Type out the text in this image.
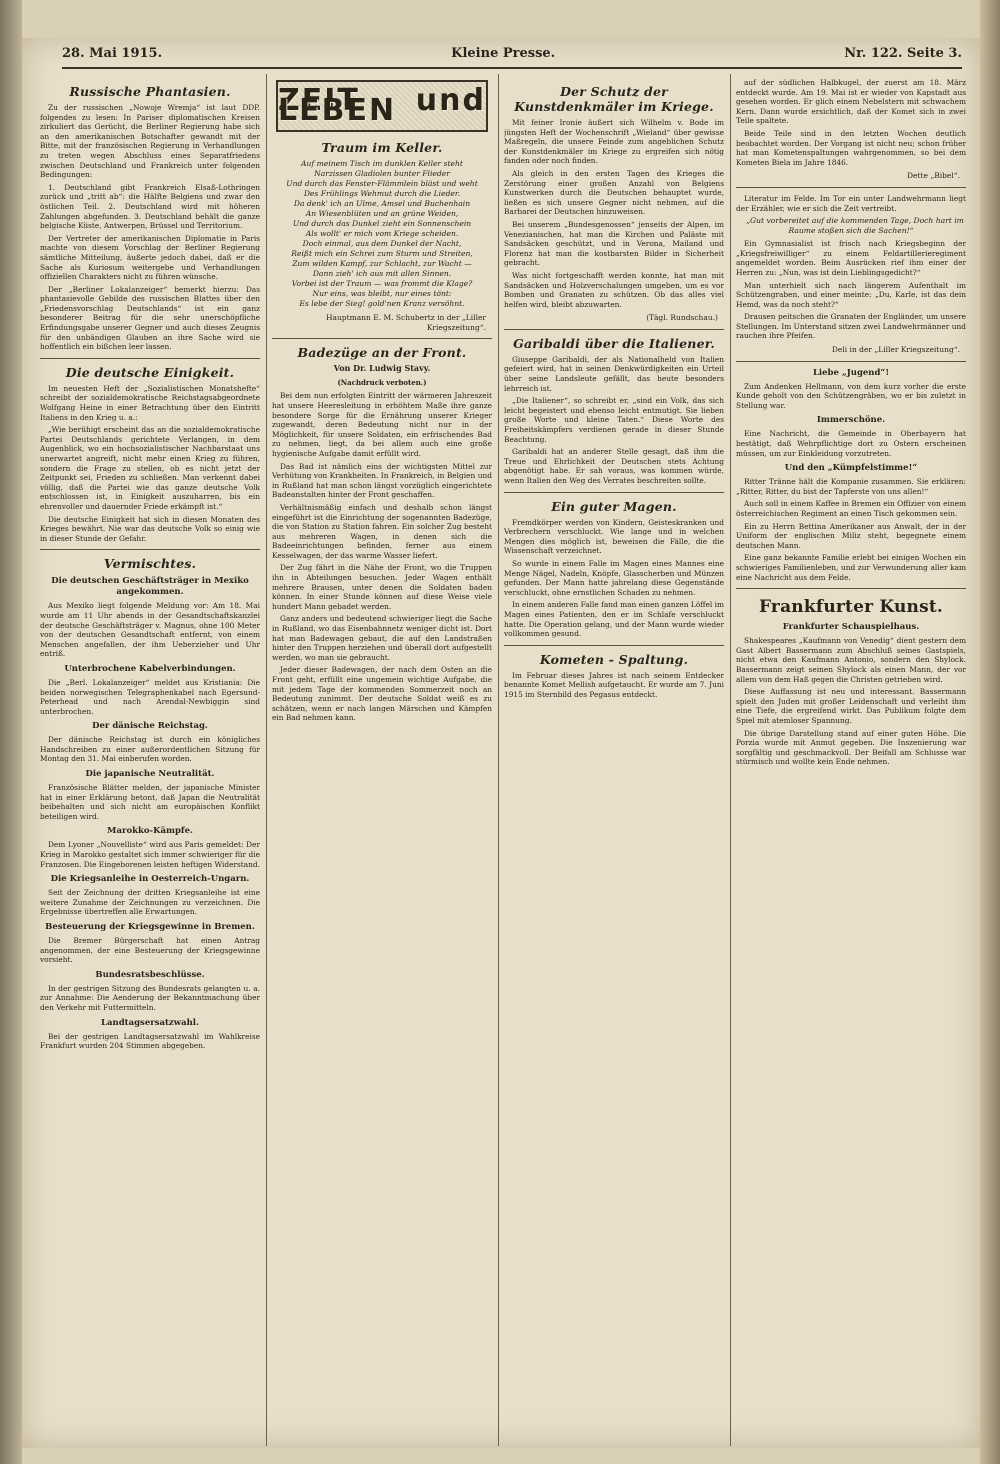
28. Mai 1915.	Kleine Presse.	Nr. 122. Seite 3.
Russische Phantasien.

Zu der russischen „Nowoje Wremja“ ist laut DDP. folgendes zu lesen: In Pariser diplomatischen Kreisen zirkuliert das Gerücht, die Berliner Regierung habe sich an den amerikanischen Botschafter gewandt mit der Bitte, mit der französischen Regierung in Verhandlungen zu treten wegen Abschluss eines Separatfriedens zwischen Deutschland und Frankreich unter folgenden Bedingungen:

1. Deutschland gibt Frankreich Elsaß-Lothringen zurück und „tritt ab“: die Hälfte Belgiens und zwar den östlichen Teil. 2. Deutschland wird mit höheren Zahlungen abgefunden. 3. Deutschland behält die ganze belgische Küste, Antwerpen, Brüssel und Territorium.

Der Vertreter der amerikanischen Diplomatie in Paris machte von diesem Vorschlag der Berliner Regierung sämtliche Mitteilung, äußerte jedoch dabei, daß er die Sache als Kuriosum weitergebe und Verhandlungen offiziellen Charakters nicht zu führen wünsche.

Der „Berliner Lokalanzeiger“ bemerkt hierzu: Das phantasievolle Gebilde des russischen Blattes über den „Friedensvorschlag Deutschlands“ ist ein ganz besonderer Beitrag für die sehr unerschöpfliche Erfindungsgabe unserer Gegner und auch dieses Zeugnis für den unbändigen Glauben an ihre Sache wird sie hoffentlich ein bißchen leer lassen.

Die deutsche Einigkeit.

Im neuesten Heft der „Sozialistischen Monatshefte“ schreibt der sozialdemokratische Reichstagsabgeordnete Wolfgang Heine in einer Betrachtung über den Eintritt Italiens in den Krieg u. a.:

„Wie berühigt erscheint das an die sozialdemokratische Partei Deutschlands gerichtete Verlangen, in dem Augenblick, wo ein hochsozialistischer Nachbarstaat uns unerwartet angreift, nicht mehr einen Krieg zu führen, sondern die Frage zu stellen, ob es nicht jetzt der Zeitpunkt sei, Frieden zu schließen. Man verkennt dabei völlig, daß die Partei wie das ganze deutsche Volk entschlossen ist, in Einigkeit auszuharren, bis ein ehrenvoller und dauernder Friede erkämpft ist.“

Die deutsche Einigkeit hat sich in diesen Monaten des Krieges bewährt. Nie war das deutsche Volk so einig wie in dieser Stunde der Gefahr.

Vermischtes.
Die deutschen Geschäftsträger in Mexiko angekommen.

Aus Mexiko liegt folgende Meldung vor: Am 18. Mai wurde am 11 Uhr abends in der Gesandtschaftskanzlei der deutsche Geschäftsträger v. Magnus, ohne 100 Meter von der deutschen Gesandtschaft entfernt, von einem Menschen angefallen, der ihm Ueberzieher und Uhr entriß.

Unterbrochene Kabelverbindungen.

Die „Berl. Lokalanzeiger“ meldet aus Kristiania: Die beiden norwegischen Telegraphenkabel nach Egersund-Peterhead und nach Arendal-Newbiggin sind unterbrochen.

Der dänische Reichstag.

Der dänische Reichstag ist durch ein königliches Handschreiben zu einer außerordentlichen Sitzung für Montag den 31. Mai einberufen worden.

Die japanische Neutralität.

Französische Blätter melden, der japanische Minister hat in einer Erklärung betont, daß Japan die Neutralität beibehalten und sich nicht am europäischen Konflikt beteiligen wird.

Marokko-Kämpfe.

Dem Lyoner „Nouvelliste“ wird aus Paris gemeldet: Der Krieg in Marokko gestaltet sich immer schwieriger für die Franzosen. Die Eingeborenen leisten heftigen Widerstand.

Die Kriegsanleihe in Oesterreich-Ungarn.

Seit der Zeichnung der dritten Kriegsanleihe ist eine weitere Zunahme der Zeichnungen zu verzeichnen. Die Ergebnisse übertreffen alle Erwartungen.

Besteuerung der Kriegsgewinne in Bremen.

Die Bremer Bürgerschaft hat einen Antrag angenommen, der eine Besteuerung der Kriegsgewinne vorsieht.

Bundesratsbeschlüsse.

In der gestrigen Sitzung des Bundesrats gelangten u. a. zur Annahme: Die Aenderung der Bekanntmachung über den Verkehr mit Futtermitteln.

Landtagsersatzwahl.

Bei der gestrigen Landtagsersatzwahl im Wahlkreise Frankfurt wurden 204 Stimmen abgegeben.

ZEIT und LEBEN
Traum im Keller.
Auf meinem Tisch im dunklen Keller steht
Narzissen Gladiolen bunter Flieder
Und durch das Fenster-Flämmlein bläst und weht
Des Frühlings Wehmut durch die Lieder.
Da denk' ich an Ulme, Amsel und Buchenhain
An Wiesenblüten und an grüne Weiden,
Und durch das Dunkel zieht ein Sonnenschein
Als wollt' er mich vom Kriege scheiden.
Doch einmal, aus dem Dunkel der Nacht,
Reißt mich ein Schrei zum Sturm und Streiten,
Zum wilden Kampf, zur Schlacht, zur Wacht —
Dann zieh' ich aus mit allen Sinnen.
Vorbei ist der Traum — was frommt die Klage?
Nur eins, was bleibt, nur eines tönt:
Es lebe der Sieg! gold'nen Kranz versöhnt.
Hauptmann E. M. Schubertz in der „Liller Kriegszeitung“.
Badezüge an der Front.
Von Dr. Ludwig Stavy.
(Nachdruck verboten.)

Bei dem nun erfolgten Eintritt der wärmeren Jahreszeit hat unsere Heeresleitung in erhöhtem Maße ihre ganze besondere Sorge für die Ernährung unserer Krieger zugewandt, deren Bedeutung nicht nur in der Möglichkeit, für unsere Soldaten, ein erfrischendes Bad zu nehmen, liegt, da bei allem auch eine große hygienische Aufgabe damit erfüllt wird.

Das Bad ist nämlich eins der wichtigsten Mittel zur Verhütung von Krankheiten. In Frankreich, in Belgien und in Rußland hat man schon längst vorzüglich eingerichtete Badeanstalten hinter der Front geschaffen.

Verhältnismäßig einfach und deshalb schon längst eingeführt ist die Einrichtung der sogenannten Badezüge, die von Station zu Station fahren. Ein solcher Zug besteht aus mehreren Wagen, in denen sich die Badeeinrichtungen befinden, ferner aus einem Kesselwagen, der das warme Wasser liefert.

Der Zug fährt in die Nähe der Front, wo die Truppen ihn in Abteilungen besuchen. Jeder Wagen enthält mehrere Brausen, unter denen die Soldaten baden können. In einer Stunde können auf diese Weise viele hundert Mann gebadet werden.

Ganz anders und bedeutend schwieriger liegt die Sache in Rußland, wo das Eisenbahnnetz weniger dicht ist. Dort hat man Badewagen gebaut, die auf den Landstraßen hinter den Truppen herziehen und überall dort aufgestellt werden, wo man sie gebraucht.

Jeder dieser Badewagen, der nach dem Osten an die Front geht, erfüllt eine ungemein wichtige Aufgabe, die mit jedem Tage der kommenden Sommerzeit noch an Bedeutung zunimmt. Der deutsche Soldat weiß es zu schätzen, wenn er nach langen Märschen und Kämpfen ein Bad nehmen kann.

Der Schutz der Kunstdenkmäler im Kriege.

Mit feiner Ironie äußert sich Wilhelm v. Bode im jüngsten Heft der Wochenschrift „Wieland“ über gewisse Maßregeln, die unsere Feinde zum angeblichen Schutz der Kunstdenkmäler im Kriege zu ergreifen sich nötig fanden oder noch finden.

Als gleich in den ersten Tagen des Krieges die Zerstörung einer großen Anzahl von Belgiens Kunstwerken durch die Deutschen behauptet wurde, ließen es sich unsere Gegner nicht nehmen, auf die Barbarei der Deutschen hinzuweisen.

Bei unserem „Bundesgenossen“ jenseits der Alpen, im Venezianischen, hat man die Kirchen und Paläste mit Sandsäcken geschützt, und in Verona, Mailand und Florenz hat man die kostbarsten Bilder in Sicherheit gebracht.

Was nicht fortgeschafft werden konnte, hat man mit Sandsäcken und Holzverschalungen umgeben, um es vor Bomben und Granaten zu schützen. Ob das alles viel helfen wird, bleibt abzuwarten.

(Tägl. Rundschau.)
Garibaldi über die Italiener.

Giuseppe Garibaldi, der als Nationalheld von Italien gefeiert wird, hat in seinen Denkwürdigkeiten ein Urteil über seine Landsleute gefällt, das heute besonders lehrreich ist.

„Die Italiener“, so schreibt er, „sind ein Volk, das sich leicht begeistert und ebenso leicht entmutigt. Sie lieben große Worte und kleine Taten.“ Diese Worte des Freiheitskämpfers verdienen gerade in dieser Stunde Beachtung.

Garibaldi hat an anderer Stelle gesagt, daß ihm die Treue und Ehrlichkeit der Deutschen stets Achtung abgenötigt habe. Er sah voraus, was kommen würde, wenn Italien den Weg des Verrates beschreiten sollte.

Ein guter Magen.

Fremdkörper werden von Kindern, Geisteskranken und Verbrechern verschluckt. Wie lange und in welchen Mengen dies möglich ist, beweisen die Fälle, die die Wissenschaft verzeichnet.

So wurde in einem Falle im Magen eines Mannes eine Menge Nägel, Nadeln, Knöpfe, Glasscherben und Münzen gefunden. Der Mann hatte jahrelang diese Gegenstände verschluckt, ohne ernstlichen Schaden zu nehmen.

In einem anderen Falle fand man einen ganzen Löffel im Magen eines Patienten, den er im Schlafe verschluckt hatte. Die Operation gelang, und der Mann wurde wieder vollkommen gesund.

Kometen - Spaltung.

Im Februar dieses Jahres ist nach seinem Entdecker benannte Komet Mellish aufgetaucht. Er wurde am 7. Juni 1915 im Sternbild des Pegasus entdeckt.

auf der südlichen Halbkugel, der zuerst am 18. März entdeckt wurde. Am 19. Mai ist er wieder von Kapstadt aus gesehen worden. Er glich einem Nebelstern mit schwachem Kern. Dann wurde ersichtlich, daß der Komet sich in zwei Teile spaltete.

Beide Teile sind in den letzten Wochen deutlich beobachtet worden. Der Vorgang ist nicht neu; schon früher hat man Kometenspaltungen wahrgenommen, so bei dem Kometen Biela im Jahre 1846.

Dette „Bibel“.

Literatur im Felde. Im Tor ein unter Landwehrmann liegt der Erzähler, wie er sich die Zeit vertreibt.

„Gut vorbereitet auf die kommenden Tage, Doch hart im Raume stoßen sich die Sachen!“

Ein Gymnasialist ist frisch nach Kriegsbeginn der „Kriegsfreiwilliger“ zu einem Feldartillerieregiment angemeldet worden. Beim Ausrücken rief ihm einer der Herren zu: „Nun, was ist dein Lieblingsgedicht?“

Man unterhielt sich nach längerem Aufenthalt im Schützengraben, und einer meinte: „Du, Karle, ist das dein Hemd, was da noch steht?“

Drausen peitschen die Granaten der Engländer, um unsere Stellungen. Im Unterstand sitzen zwei Landwehrmänner und rauchen ihre Pfeifen.

Deli in der „Liller Kriegszeitung“.
Liebe „Jugend“!

Zum Andenken Hellmann, von dem kurz vorher die erste Kunde geholt von den Schützengräben, wo er bis zuletzt in Stellung war.

Immerschöne.

Eine Nachricht, die Gemeinde in Oberbayern hat bestätigt, daß Wehrpflichtige dort zu Ostern erscheinen müssen, um zur Einkleidung vorzutreten.

Und den „Kümpfelstimme!“

Ritter Tränne hält die Kompanie zusammen. Sie erklären: „Ritter, Ritter, du bist der Tapferste von uns allen!“

Auch soll in einem Kaffee in Bremen ein Offizier von einem österreichischen Regiment an einen Tisch gekommen sein.

Ein zu Herrn Bettina Amerikaner aus Anwalt, der in der Uniform der englischen Miliz steht, begegnete einem deutschen Mann.

Eine ganz bekannte Familie erlebt bei einigen Wochen ein schwieriges Familienleben, und zur Verwunderung aller kam eine Nachricht aus dem Felde.

Frankfurter Kunst.
Frankfurter Schauspielhaus.

Shakespeares „Kaufmann von Venedig“ dient gestern dem Gast Albert Bassermann zum Abschluß seines Gastspiels, nicht etwa den Kaufmann Antonio, sondern den Shylock. Bassermann zeigt seinen Shylock als einen Mann, der vor allem von dem Haß gegen die Christen getrieben wird.

Diese Auffassung ist neu und interessant. Bassermann spielt den Juden mit großer Leidenschaft und verleiht ihm eine Tiefe, die ergreifend wirkt. Das Publikum folgte dem Spiel mit atemloser Spannung.

Die übrige Darstellung stand auf einer guten Höhe. Die Porzia wurde mit Anmut gegeben. Die Inszenierung war sorgfältig und geschmackvoll. Der Beifall am Schlusse war stürmisch und wollte kein Ende nehmen.
